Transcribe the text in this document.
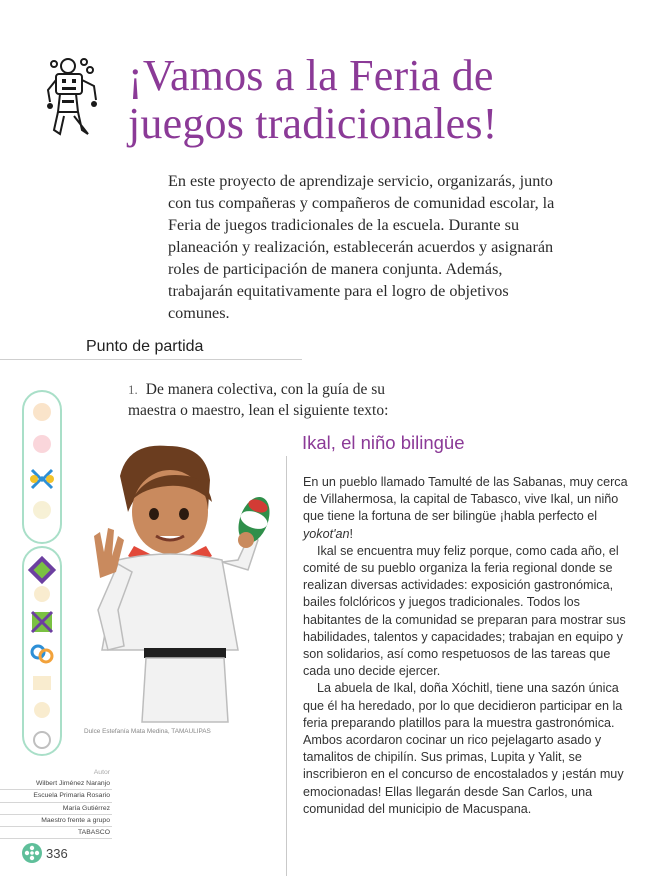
¡Vamos a la Feria de
juegos tradicionales!
En este proyecto de aprendizaje servicio, organizarás, junto con tus compañeras y compañeros de comunidad escolar, la Feria de juegos tradicionales de la escuela. Durante su planeación y realización, establecerán acuerdos y asignarán roles de participación de manera conjunta. Además, trabajarán equitativamente para el logro de objetivos comunes.
Punto de partida
1. De manera colectiva, con la guía de su maestra o maestro, lean el siguiente texto:
Dulce Estefanía Mata Medina, TAMAULIPAS
Ikal, el niño bilingüe

En un pueblo llamado Tamulté de las Sabanas, muy cerca de Villahermosa, la capital de Tabasco, vive Ikal, un niño que tiene la fortuna de ser bilingüe ¡habla perfecto el yokot'an!

Ikal se encuentra muy feliz porque, como cada año, el comité de su pueblo organiza la feria regional donde se realizan diversas actividades: exposición gastronómica, bailes folclóricos y juegos tradicionales. Todos los habitantes de la comunidad se preparan para mostrar sus habilidades, talentos y capacidades; trabajan en equipo y son solidarios, así como respetuosos de las tareas que cada uno decide ejercer.

La abuela de Ikal, doña Xóchitl, tiene una sazón única que él ha heredado, por lo que decidieron participar en la feria preparando platillos para la muestra gastronómica. Ambos acordaron cocinar un rico pejelagarto asado y tamalitos de chipilín. Sus primas, Lupita y Yalit, se inscribieron en el concurso de encostalados y ¡están muy emocionadas! Ellas llegarán desde San Carlos, una comunidad del municipio de Macuspana.

Autor
Wilbert Jiménez Naranjo
Escuela Primaria Rosario
María Gutiérrez
Maestro frente a grupo
TABASCO
336
